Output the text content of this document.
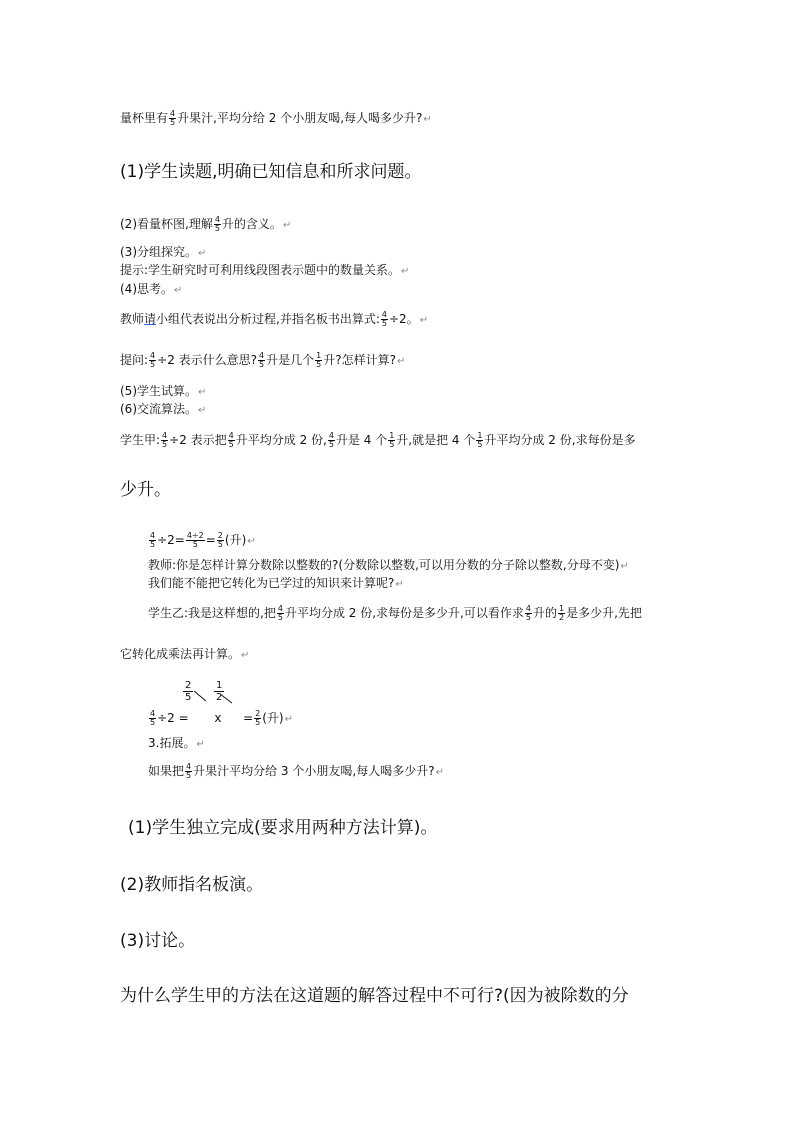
量杯里有 $\frac{4}{5}$ 升果汁,平均分给 2 个小朋友喝,每人喝多少升?↵
(1)学生读题,明确已知信息和所求问题。
(2)看量杯图,理解 $\frac{4}{5}$ 升的含义。↵
(3)分组探究。↵
提示:学生研究时可利用线段图表示题中的数量关系。↵
(4)思考。↵
教师请小组代表说出分析过程,并指名板书出算式: $\frac{4}{5} \div 2$。↵
提问: $\frac{4}{5} \div 2$ 表示什么意思? $\frac{4}{5}$ 升是几个 $\frac{1}{5}$ 升?怎样计算?↵
(5)学生试算。↵
(6)交流算法。↵
学生甲: $\frac{4}{5} \div 2$ 表示把 $\frac{4}{5}$ 升平均分成 2 份, $\frac{4}{5}$ 升是 4 个 $\frac{1}{5}$ 升,就是把 4 个 $\frac{1}{5}$ 升平均分成 2 份,求每份是多
少升。
$\frac{4}{5} \div 2= \frac{4\div 2}{5} = \frac{2}{5}$ (升)↵
教师:你是怎样计算分数除以整数的?(分数除以整数,可以用分数的分子除以整数,分母不变)↵
我们能不能把它转化为已学过的知识来计算呢?↵
学生乙:我是这样想的,把 $\frac{4}{5}$ 升平均分成 2 份,求每份是多少升,可以看作求 $\frac{4}{5}$ 升的 $\frac{1}{2}$ 是多少升,先把
它转化成乘法再计算。↵
2
5
1
2
$\frac{4}{5} \div 2 = x = \frac{2}{5}$ (升)↵
3.拓展。↵
如果把 $\frac{4}{5}$ 升果汁平均分给 3 个小朋友喝,每人喝多少升?↵
(1)学生独立完成(要求用两种方法计算)。
(2)教师指名板演。
(3)讨论。
为什么学生甲的方法在这道题的解答过程中不可行?(因为被除数的分
